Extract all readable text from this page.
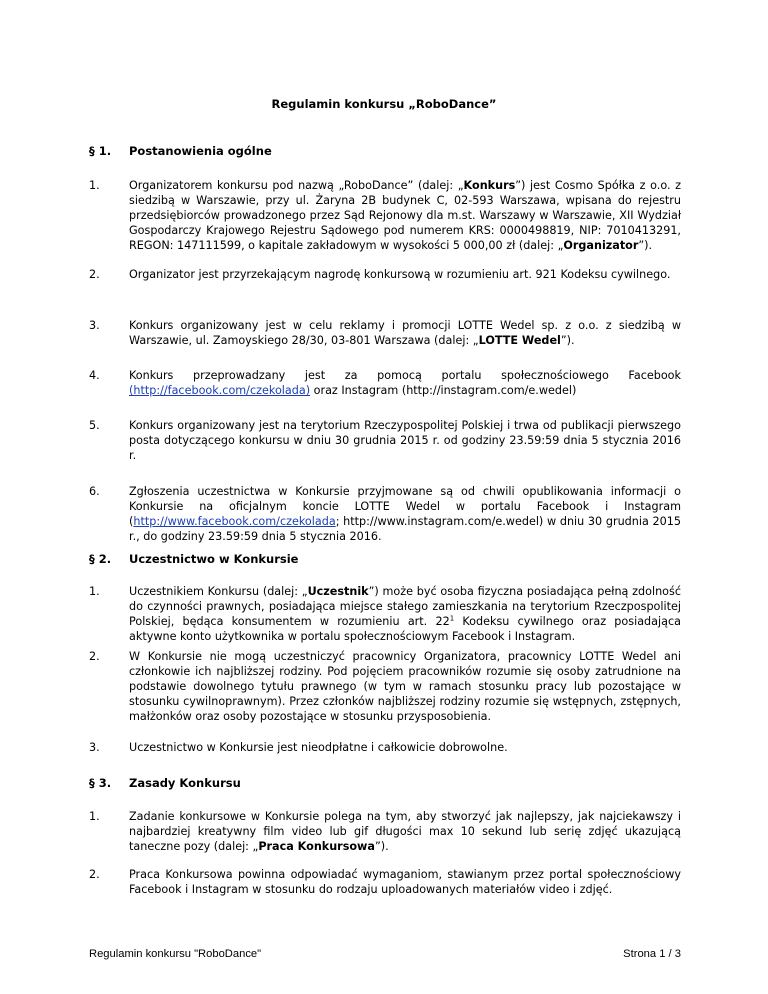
Regulamin konkursu „RoboDance”
§ 1. Postanowienia ogólne
1.	Organizatorem konkursu pod nazwą „RoboDance” (dalej: „Konkurs”) jest Cosmo Spółka z o.o. z siedzibą w Warszawie, przy ul. Żaryna 2B budynek C, 02-593 Warszawa, wpisana do rejestru przedsiębiorców prowadzonego przez Sąd Rejonowy dla m.st. Warszawy w Warszawie, XII Wydział Gospodarczy Krajowego Rejestru Sądowego pod numerem KRS: 0000498819, NIP: 7010413291, REGON: 147111599, o kapitale zakładowym w wysokości 5 000,00 zł (dalej: „Organizator”).
2.	Organizator jest przyrzekającym nagrodę konkursową w rozumieniu art. 921 Kodeksu cywilnego.
3.	Konkurs organizowany jest w celu reklamy i promocji LOTTE Wedel sp. z o.o. z siedzibą w Warszawie, ul. Zamoyskiego 28/30, 03-801 Warszawa (dalej: „LOTTE Wedel”).
4.	Konkurs przeprowadzany jest za pomocą portalu społecznościowego Facebook
(http://facebook.com/czekolada) oraz Instagram (http://instagram.com/e.wedel)
5.	Konkurs organizowany jest na terytorium Rzeczypospolitej Polskiej i trwa od publikacji pierwszego posta dotyczącego konkursu w dniu 30 grudnia 2015 r. od godziny 23.59:59 dnia 5 stycznia 2016 r.
6.	Zgłoszenia uczestnictwa w Konkursie przyjmowane są od chwili opublikowania informacji o Konkursie na oficjalnym koncie LOTTE Wedel w portalu Facebook i Instagram (http://www.facebook.com/czekolada; http://www.instagram.com/e.wedel) w dniu 30 grudnia 2015 r., do godziny 23.59:59 dnia 5 stycznia 2016.
§ 2. Uczestnictwo w Konkursie
1.	Uczestnikiem Konkursu (dalej: „Uczestnik”) może być osoba fizyczna posiadająca pełną zdolność do czynności prawnych, posiadająca miejsce stałego zamieszkania na terytorium Rzeczpospolitej Polskiej, będąca konsumentem w rozumieniu art. $22^1$ Kodeksu cywilnego oraz posiadająca aktywne konto użytkownika w portalu społecznościowym Facebook i Instagram.
2.	W Konkursie nie mogą uczestniczyć pracownicy Organizatora, pracownicy LOTTE Wedel ani członkowie ich najbliższej rodziny. Pod pojęciem pracowników rozumie się osoby zatrudnione na podstawie dowolnego tytułu prawnego (w tym w ramach stosunku pracy lub pozostające w stosunku cywilnoprawnym). Przez członków najbliższej rodziny rozumie się wstępnych, zstępnych, małżonków oraz osoby pozostające w stosunku przysposobienia.
3.	Uczestnictwo w Konkursie jest nieodpłatne i całkowicie dobrowolne.
§ 3. Zasady Konkursu
1.	Zadanie konkursowe w Konkursie polega na tym, aby stworzyć jak najlepszy, jak najciekawszy i najbardziej kreatywny film video lub gif długości max 10 sekund lub serię zdjęć ukazującą taneczne pozy (dalej: „Praca Konkursowa”).
2.	Praca Konkursowa powinna odpowiadać wymaganiom, stawianym przez portal społecznościowy Facebook i Instagram w stosunku do rodzaju uploadowanych materiałów video i zdjęć.
Regulamin konkursu "RoboDance"	Strona 1 / 3
